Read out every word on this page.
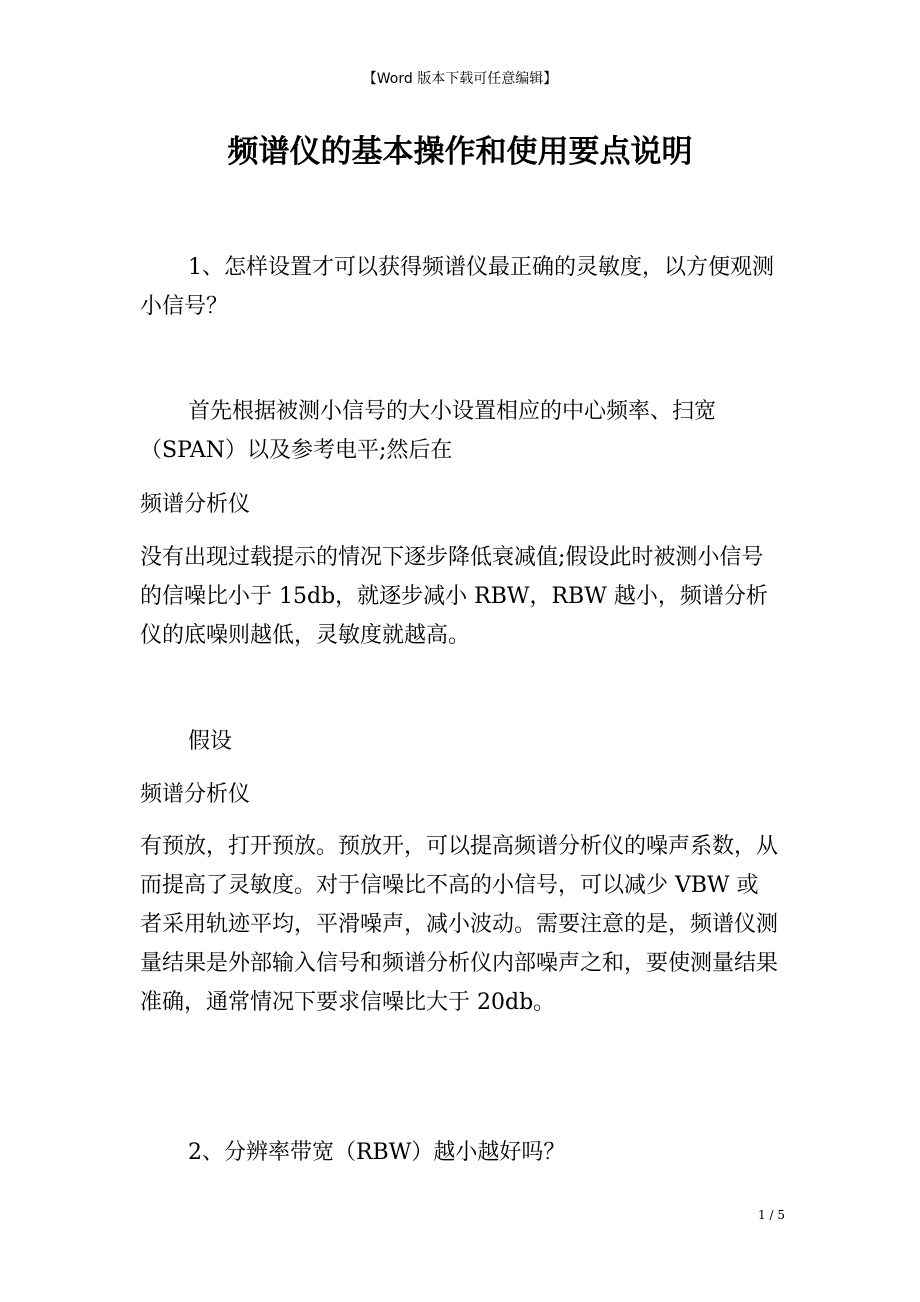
【Word 版本下载可任意编辑】
频谱仪的基本操作和使用要点说明

1、怎样设置才可以获得频谱仪最正确的灵敏度，以方便观测小信号？

首先根据被测小信号的大小设置相应的中心频率、扫宽（SPAN）以及参考电平;然后在

频谱分析仪

没有出现过载提示的情况下逐步降低衰减值;假设此时被测小信号的信噪比小于 15db，就逐步减小 RBW，RBW 越小，频谱分析仪的底噪则越低，灵敏度就越高。

假设

频谱分析仪

有预放，打开预放。预放开，可以提高频谱分析仪的噪声系数，从而提高了灵敏度。对于信噪比不高的小信号，可以减少 VBW 或者采用轨迹平均，平滑噪声，减小波动。需要注意的是，频谱仪测量结果是外部输入信号和频谱分析仪内部噪声之和，要使测量结果准确，通常情况下要求信噪比大于 20db。

2、分辨率带宽（RBW）越小越好吗？

1 / 5
